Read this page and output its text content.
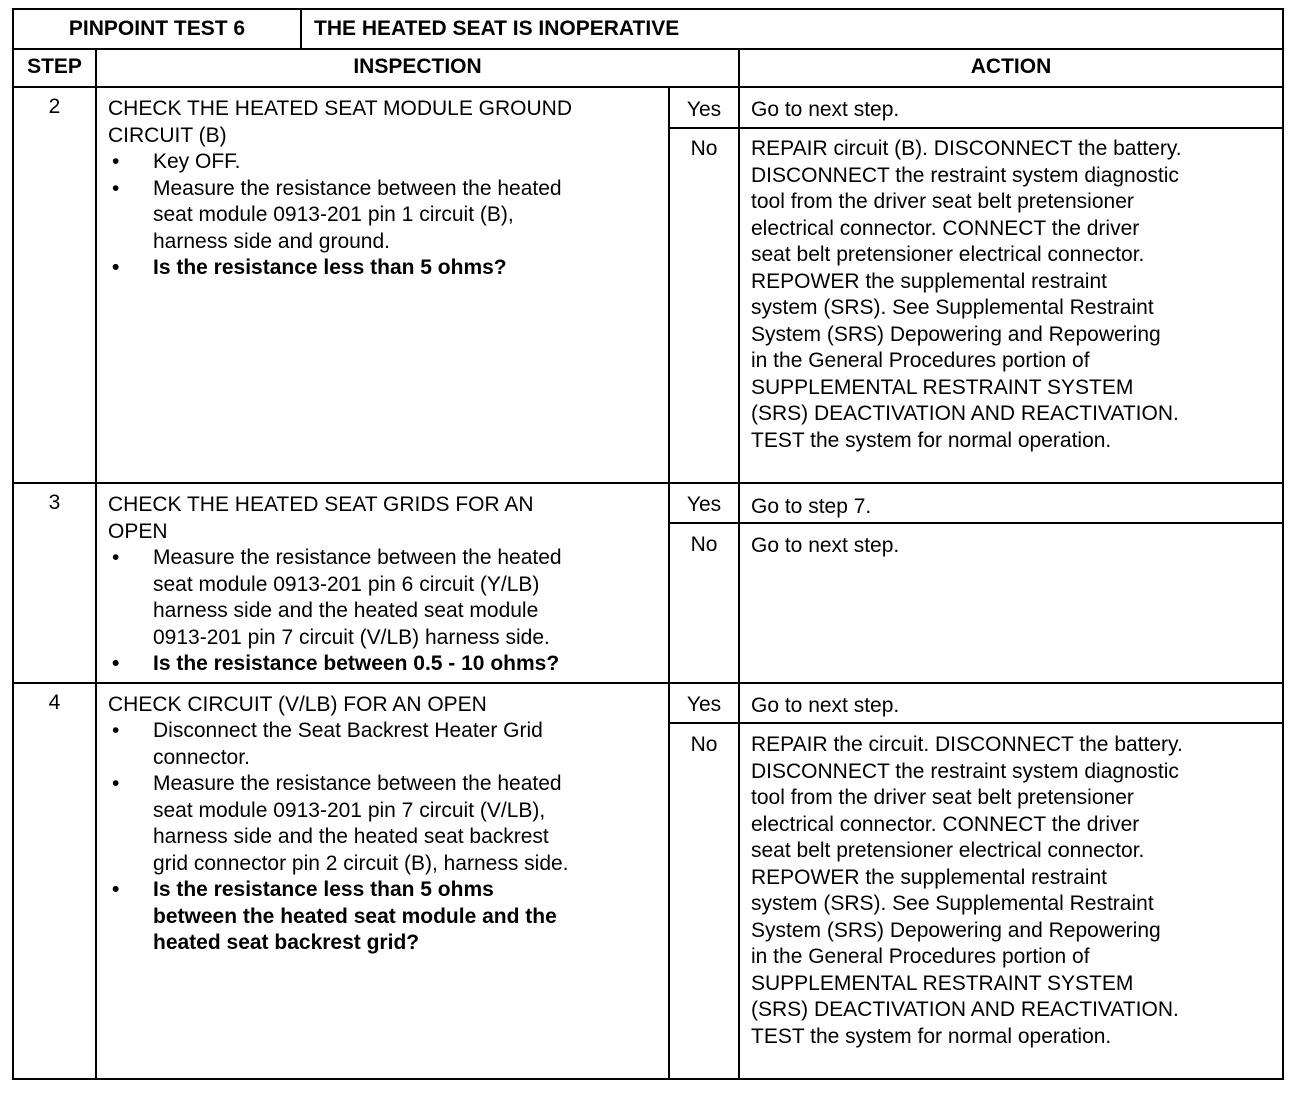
PINPOINT TEST 6	THE HEATED SEAT IS INOPERATIVE
STEP	INSPECTION	ACTION
2	CHECK THE HEATED SEAT MODULE GROUND
CIRCUIT (B)
• Key OFF.
• Measure the resistance between the heated
seat module 0913-201 pin 1 circuit (B),
harness side and ground.
• Is the resistance less than 5 ohms?
Yes	Go to next step.
No	REPAIR circuit (B). DISCONNECT the battery.
DISCONNECT the restraint system diagnostic
tool from the driver seat belt pretensioner
electrical connector. CONNECT the driver
seat belt pretensioner electrical connector.
REPOWER the supplemental restraint
system (SRS). See Supplemental Restraint
System (SRS) Depowering and Repowering
in the General Procedures portion of
SUPPLEMENTAL RESTRAINT SYSTEM
(SRS) DEACTIVATION AND REACTIVATION.
TEST the system for normal operation.
3	CHECK THE HEATED SEAT GRIDS FOR AN
OPEN
• Measure the resistance between the heated
seat module 0913-201 pin 6 circuit (Y/LB)
harness side and the heated seat module
0913-201 pin 7 circuit (V/LB) harness side.
• Is the resistance between 0.5 - 10 ohms?
Yes	Go to step 7.
No	Go to next step.
4	CHECK CIRCUIT (V/LB) FOR AN OPEN
• Disconnect the Seat Backrest Heater Grid
connector.
• Measure the resistance between the heated
seat module 0913-201 pin 7 circuit (V/LB),
harness side and the heated seat backrest
grid connector pin 2 circuit (B), harness side.
• Is the resistance less than 5 ohms
between the heated seat module and the
heated seat backrest grid?
Yes	Go to next step.
No	REPAIR the circuit. DISCONNECT the battery.
DISCONNECT the restraint system diagnostic
tool from the driver seat belt pretensioner
electrical connector. CONNECT the driver
seat belt pretensioner electrical connector.
REPOWER the supplemental restraint
system (SRS). See Supplemental Restraint
System (SRS) Depowering and Repowering
in the General Procedures portion of
SUPPLEMENTAL RESTRAINT SYSTEM
(SRS) DEACTIVATION AND REACTIVATION.
TEST the system for normal operation.
